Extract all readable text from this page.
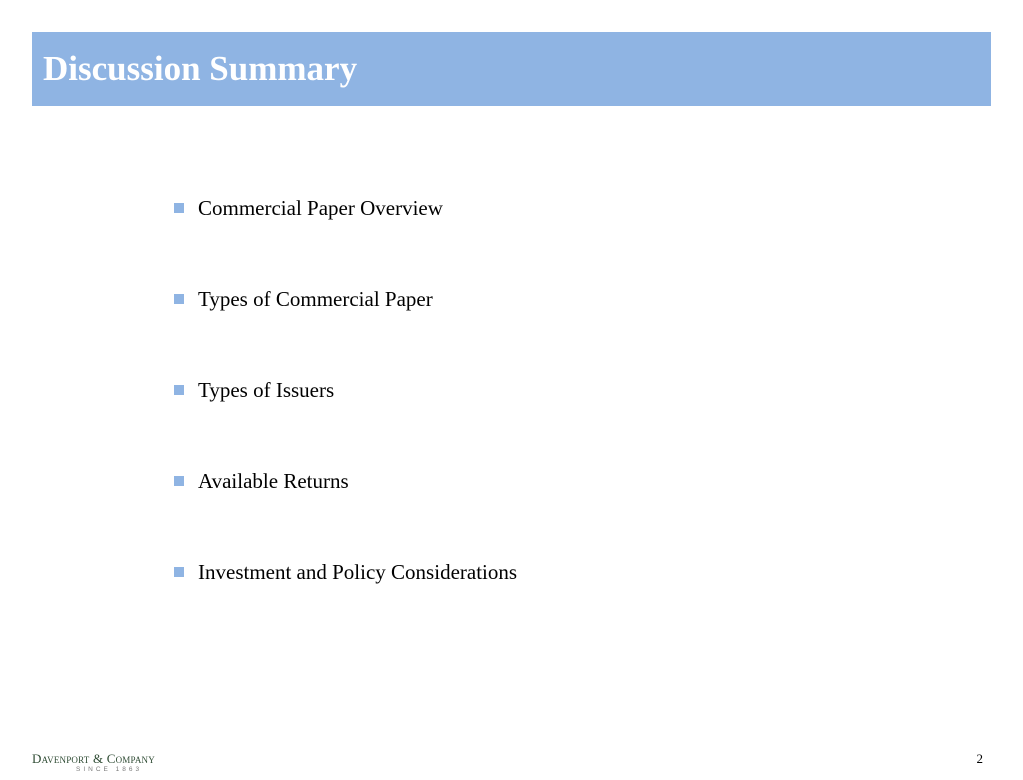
Discussion Summary
Commercial Paper Overview
Types of Commercial Paper
Types of Issuers
Available Returns
Investment and Policy Considerations
Davenport & Company
SINCE 1863
2
